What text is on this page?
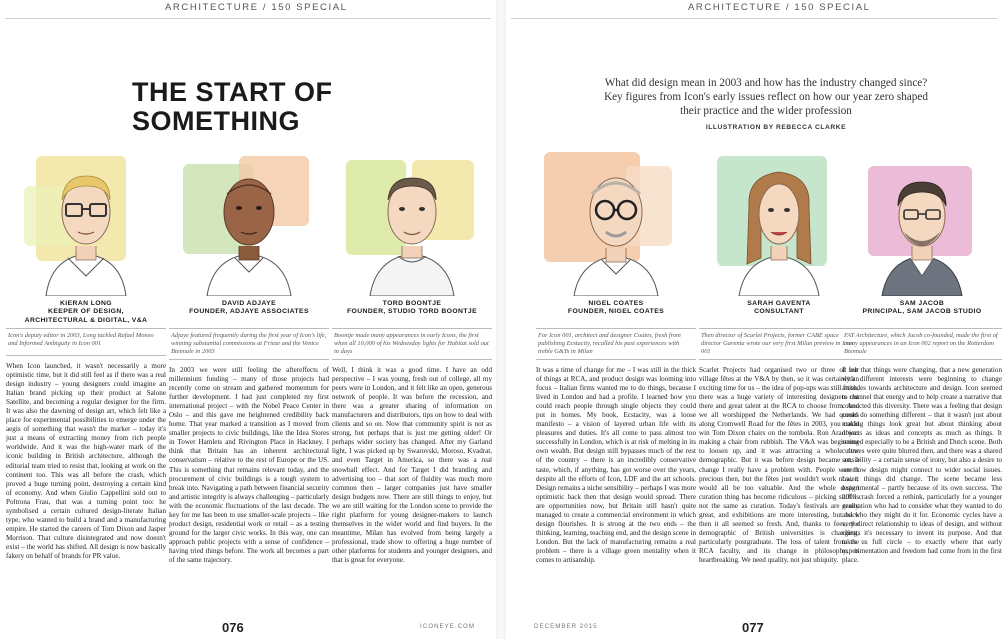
ARCHITECTURE / 150 SPECIAL
THE START OF
SOMETHING
KIERAN LONG
KEEPER OF DESIGN,
ARCHITECTURAL & DIGITAL, V&A
Icon's deputy editor in 2003, Long tackled Rafael Moneo and Informed Ambiguity in Icon 001

When Icon launched, it wasn't necessarily a more optimistic time, but it did still feel as if there was a real design industry – young designers could imagine an Italian brand picking up their product at Salone Satellite, and becoming a regular designer for the firm. It was also the dawning of design art, which felt like a place for experimental possibilities to emerge under the aegis of something that wasn't the market – today it's just a means of extracting money from rich people worldwide. And it was the high-water mark of the iconic building in British architecture, although the editorial team tried to resist that, looking at work on the continent too. This was all before the crash, which proved a huge turning point, destroying a certain kind of economy. And when Giulio Cappellini sold out to Poltrona Frau, that was a turning point too: he symbolised a certain cultured design-literate Italian type, who wanted to build a brand and a manufacturing empire. He started the careers of Tom Dixon and Jasper Morrison. That culture disintegrated and now doesn't exist – the world has shifted. All design is now basically fakery on behalf of brands for PR value.

DAVID ADJAYE
FOUNDER, ADJAYE ASSOCIATES
Adjaye featured frequently during the first year of Icon's life, winning substantial commissions at Frieze and the Venice Biennale in 2003

In 2003 we were still feeling the aftereffects of millennium funding – many of those projects had recently come on stream and gathered momentum for further development. I had just completed my first international project – with the Nobel Peace Center in Oslo – and this gave me heightened credibility back home. That year marked a transition as I moved from smaller projects to civic buildings, like the Idea Stores in Tower Hamlets and Rivington Place in Hackney. I think that Britain has an inherent architectural conservatism – relative to the rest of Europe or the US. This is something that remains relevant today, and the procurement of civic buildings is a tough system to break into. Navigating a path between financial security and artistic integrity is always challenging – particularly with the economic fluctuations of the last decade. The key for me has been to use smaller-scale projects – like product design, residential work or retail – as a testing ground for the larger civic works. In this way, one can approach public projects with a sense of confidence – having tried things before. The work all becomes a part of the same trajectory.

TORD BOONTJE
FOUNDER, STUDIO TORD BOONTJE
Boontje made many appearances in early Icons, the first when all 10,000 of his Wednesday lights for Habitat sold out in days

Well, I think it was a good time. I have an odd perspective – I was young, fresh out of college, all my peers were in London, and it felt like an open, generous network of people. It was before the recession, and there was a greater sharing of information on manufacturers and distributors, tips on how to deal with clients and so on. Now that community spirit is not as strong, but perhaps that is just me getting older! Or perhaps wider society has changed. After my Garland light, I was picked up by Swarovski, Moroso, Kvadrat, and even Target in America, so there was a real snowball effect. And for Target I did branding and advertising too – that sort of fluidity was much more common then – larger companies just have smaller design budgets now. There are still things to enjoy, but we are still waiting for the London scene to provide the right platform for young designer-makers to launch themselves in the wider world and find buyers. In the meantime, Milan has evolved from being largely a professional, trade show to offering a huge number of other platforms for students and younger designers, and that is great for everyone.

076	ICONEYE.COM
ARCHITECTURE / 150 SPECIAL

What did design mean in 2003 and how has the industry changed since? Key figures from Icon's early issues reflect on how our year zero shaped their practice and the wider profession

ILLUSTRATION BY REBECCA CLARKE
NIGEL COATES
FOUNDER, NIGEL COATES
For Icon 001, architect and designer Coates, fresh from publishing Ecstacity, recalled his past experiences with treble G&Ts in Milan

It was a time of change for me – I was still in the thick of things at RCA, and product design was looming into focus – Italian firms wanted me to do things, because I lived in London and had a profile. I learned how you could reach people through single objects they could put in homes. My book, Ecstacity, was a loose manifesto – a vision of layered urban life with its pleasures and duties. It's all come to pass almost too successfully in London, which is at risk of melting in its own wealth. But design still bypasses much of the rest of the country – there is an incredibly conservative taste, which, if anything, has got worse over the years, despite all the efforts of Icon, LDF and the art schools. Design remains a niche sensibility – perhaps I was more optimistic back then that design would spread. There are opportunities now, but Britain still hasn't quite managed to create a commercial environment in which design flourishes. It is strong at the two ends – the thinking, learning, teaching end, and the design scene in London. But the lack of manufacturing remains a real problem – there is a village green mentality when it comes to artisanship.

SARAH GAVENTA
CONSULTANT
Then director of Scarlet Projects, former CABE space director Gaventa wrote our very first Milan preview in Icon 001

Scarlet Projects had organised two or three of our village fêtes at the V&A by then, so it was certainly an exciting time for us – the idea of pop-ups was still fresh, there was a huge variety of interesting designers out there and great talent at the RCA to choose from. And we all worshipped the Netherlands. We had queues along Cromwell Road for the fêtes in 2003, you could win Tom Dixon chairs on the tombola. Ron Arad was making a chair from rubbish. The V&A was beginning to loosen up, and it was attracting a whole new demographic. But it was before design became art, a change I really have a problem with. People weren't precious then, but the fêtes just wouldn't work now, it would all be too valuable. And the whole design curation thing has become ridiculous – picking stuff is not the same as curation. Today's festivals are really great, and exhibitions are more interesting, but back then it all seemed so fresh. And, thanks to fees, the demographic of British universities is changing, particularly postgraduate. The loss of talent from the RCA faculty, and its change in philosophy, is heartbreaking. We need quality, not just ubiquity.

SAM JACOB
PRINCIPAL, SAM JACOB STUDIO
FAT Architecture, which Jacob co-founded, made the first of many appearances in an Icon 002 report on the Rotterdam Biennale

It felt that things were changing, that a new generation with different interests were beginning to change attitudes towards architecture and design. Icon seemed to channel that energy and to help create a narrative that connected this diversity. There was a feeling that design could do something different – that it wasn't just about making things look great but about thinking about objects as ideas and concepts as much as things. It seemed especially to be a British and Dutch scene. Both cultures were quite blurred then, and there was a shared sensibility – a certain sense of irony, but also a desire to see how design might connect to wider social issues. Later, things did change. The scene became less experimental – partly because of its own success. The 2008 crash forced a rethink, particularly for a younger generation who had to consider what they wanted to do and who they might do it for. Economic cycles have a very direct relationship to ideas of design, and without clients it's necessary to invent its purpose. And that takes us full circle – to exactly where that early experimentation and freedom had come from in the first place.

DECEMBER 2015	077
